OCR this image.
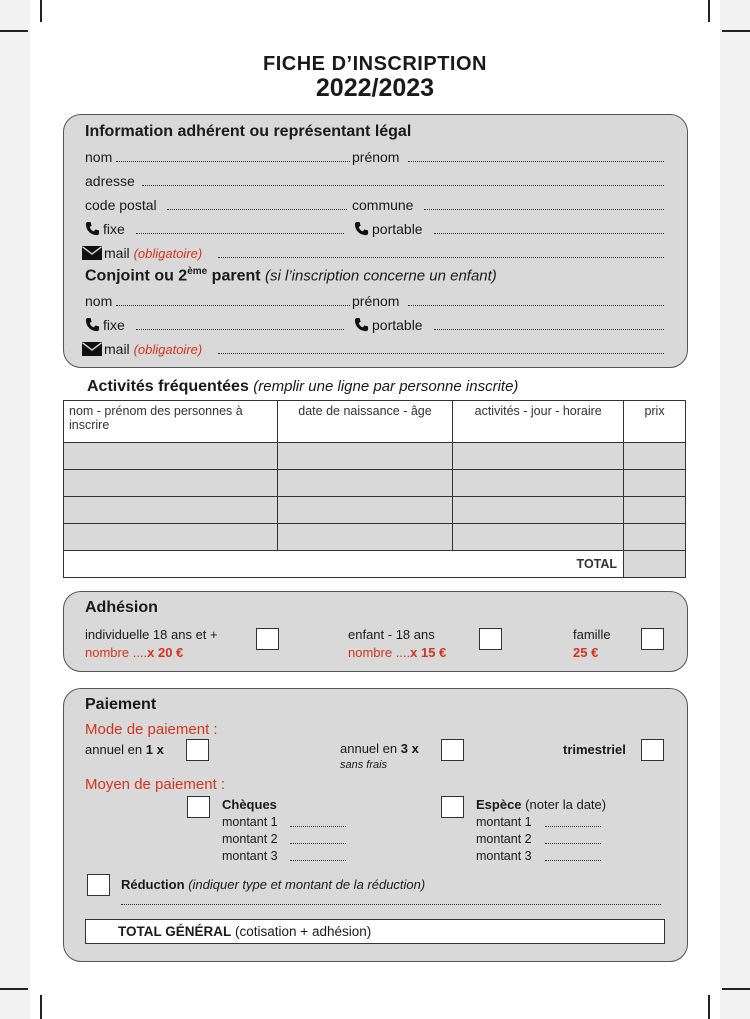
FICHE D’INSCRIPTION
2022/2023
Information adhérent ou représentant légal
nom	prénom
adresse
code postal	commune
fixe	portable
mail (obligatoire)
Conjoint ou 2ème parent (si l’inscription concerne un enfant)
nom	prénom
fixe	portable
mail (obligatoire)
Activités fréquentées (remplir une ligne par personne inscrite)
nom - prénom des personnes à inscrire	date de naissance - âge	activités - jour - horaire	prix

TOTAL			
Adhésion
individuelle 18 ans et +
nombre ....x 20 €
enfant - 18 ans
nombre ....x 15 €
famille
25 €
Paiement
Mode de paiement :
annuel en 1 x	annuel en 3 x
sans frais
trimestriel
Moyen de paiement :
Chèques
montant 1
montant 2
montant 3
Espèce (noter la date)
montant 1
montant 2
montant 3
Réduction (indiquer type et montant de la réduction)
TOTAL GÉNÉRAL (cotisation + adhésion)
